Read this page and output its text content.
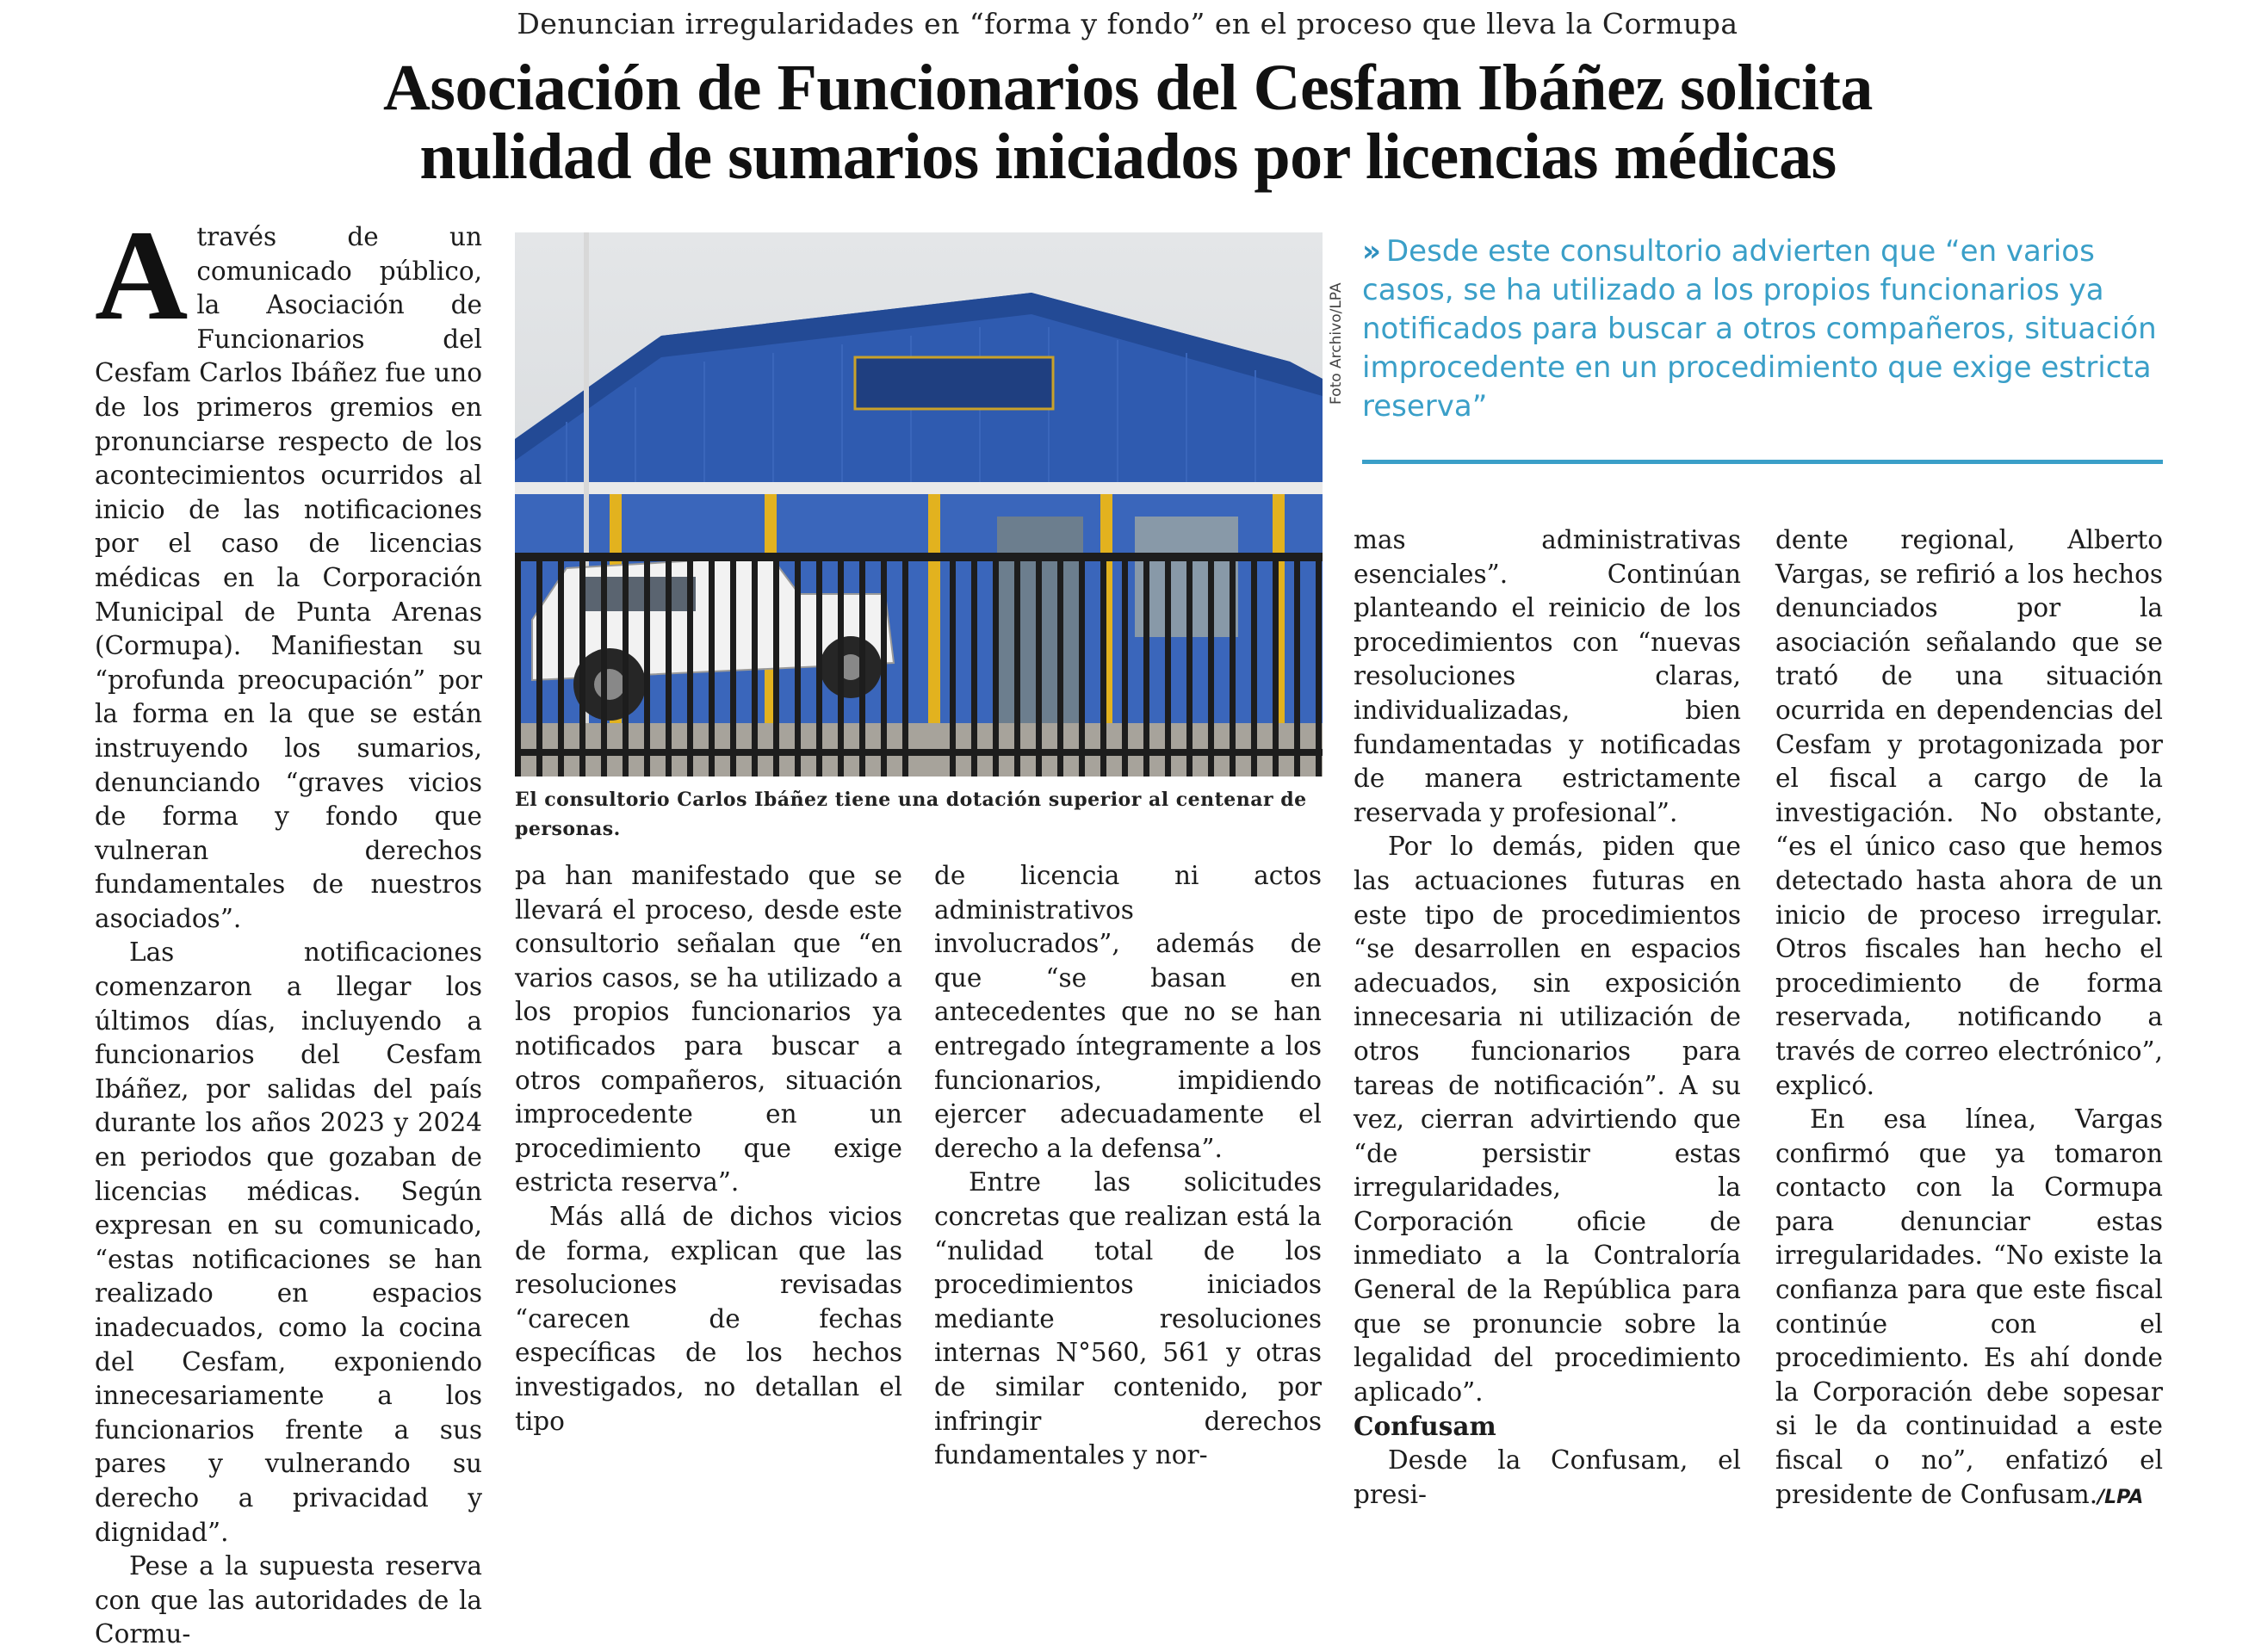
Denuncian irregularidades en “forma y fondo” en el proceso que lleva la Cormupa
Asociación de Funcionarios del Cesfam Ibáñez solicita
nulidad de sumarios iniciados por licencias médicas

Através de un comunicado público, la Asociación de Funcionarios del Cesfam Carlos Ibáñez fue uno de los primeros gremios en pronunciarse respecto de los acontecimientos ocurridos al inicio de las notificaciones por el caso de licencias médicas en la Corporación Municipal de Punta Arenas (Cormupa). Manifiestan su “profunda preocupación” por la forma en la que se están instruyendo los sumarios, denunciando “graves vicios de forma y fondo que vulneran derechos fundamentales de nuestros asociados”.

Las notificaciones comenzaron a llegar los últimos días, incluyendo a funcionarios del Cesfam Ibáñez, por salidas del país durante los años 2023 y 2024 en periodos que gozaban de licencias médicas. Según expresan en su comunicado, “estas notificaciones se han realizado en espacios inadecuados, como la cocina del Cesfam, exponiendo innecesariamente a los funcionarios frente a sus pares y vulnerando su derecho a privacidad y dignidad”.

Pese a la supuesta reserva con que las autoridades de la Cormu-

Foto Archivo/LPA
El consultorio Carlos Ibáñez tiene una dotación superior al centenar de personas.
» Desde este consultorio advierten que “en varios casos, se ha utilizado a los propios funcionarios ya notificados para buscar a otros compañeros, situación improcedente en un procedimiento que exige estricta reserva”

pa han manifestado que se llevará el proceso, desde este consultorio señalan que “en varios casos, se ha utilizado a los propios funcionarios ya notificados para buscar a otros compañeros, situación improcedente en un procedimiento que exige estricta reserva”.

Más allá de dichos vicios de forma, explican que las resoluciones revisadas “carecen de fechas específicas de los hechos investigados, no detallan el tipo

de licencia ni actos administrativos involucrados”, además de que “se basan en antecedentes que no se han entregado íntegramente a los funcionarios, impidiendo ejercer adecuadamente el derecho a la defensa”.

Entre las solicitudes concretas que realizan está la “nulidad total de los procedimientos iniciados mediante resoluciones internas N°560, 561 y otras de similar contenido, por infringir derechos fundamentales y nor-

mas administrativas esenciales”. Continúan planteando el reinicio de los procedimientos con “nuevas resoluciones claras, individualizadas, bien fundamentadas y notificadas de manera estrictamente reservada y profesional”.

Por lo demás, piden que las actuaciones futuras en este tipo de procedimientos “se desarrollen en espacios adecuados, sin exposición innecesaria ni utilización de otros funcionarios para tareas de notificación”. A su vez, cierran advirtiendo que “de persistir estas irregularidades, la Corporación oficie de inmediato a la Contraloría General de la República para que se pronuncie sobre la legalidad del procedimiento aplicado”.

Confusam

Desde la Confusam, el presi-

dente regional, Alberto Vargas, se refirió a los hechos denunciados por la asociación señalando que se trató de una situación ocurrida en dependencias del Cesfam y protagonizada por el fiscal a cargo de la investigación. No obstante, “es el único caso que hemos detectado hasta ahora de un inicio de proceso irregular. Otros fiscales han hecho el procedimiento de forma reservada, notificando a través de correo electrónico”, explicó.

En esa línea, Vargas confirmó que ya tomaron contacto con la Cormupa para denunciar estas irregularidades. “No existe la confianza para que este fiscal continúe con el procedimiento. Es ahí donde la Corporación debe sopesar si le da continuidad a este fiscal o no”, enfatizó el presidente de Confusam./LPA
